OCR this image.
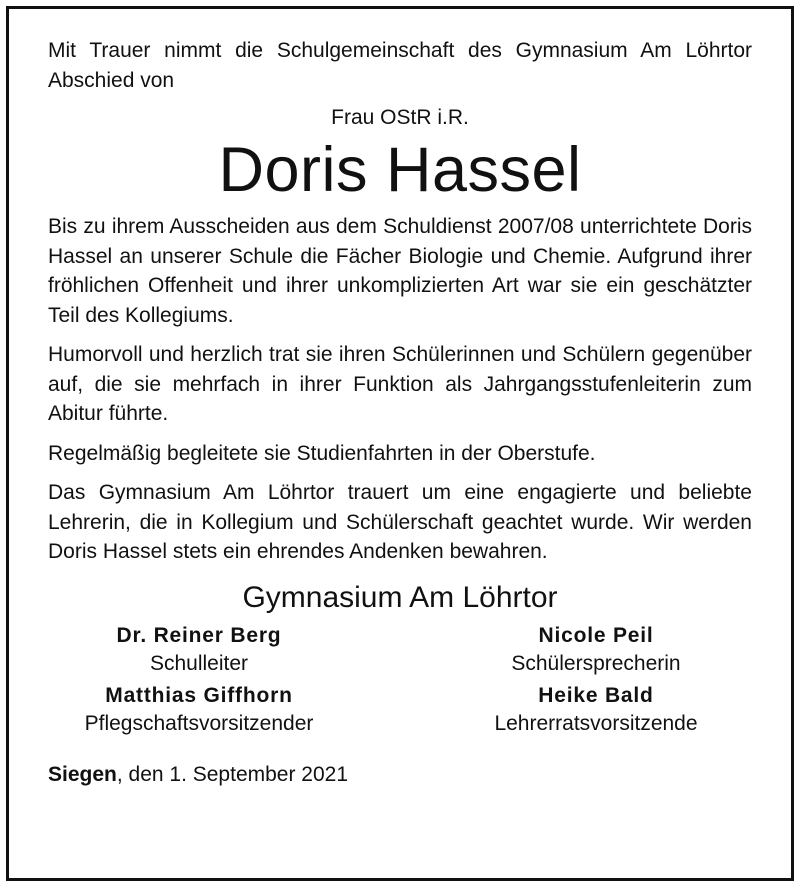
Mit Trauer nimmt die Schulgemeinschaft des Gymnasium Am Löhrtor Abschied von

Frau OStR i.R.
Doris Hassel

Bis zu ihrem Ausscheiden aus dem Schuldienst 2007/08 unterrichtete Doris Hassel an unserer Schule die Fächer Biologie und Chemie. Aufgrund ihrer fröhlichen Offenheit und ihrer unkomplizierten Art war sie ein geschätzter Teil des Kollegiums.

Humorvoll und herzlich trat sie ihren Schülerinnen und Schülern gegenüber auf, die sie mehrfach in ihrer Funktion als Jahrgangsstufenleiterin zum Abitur führte.

Regelmäßig begleitete sie Studienfahrten in der Oberstufe.

Das Gymnasium Am Löhrtor trauert um eine engagierte und beliebte Lehrerin, die in Kollegium und Schülerschaft geachtet wurde. Wir werden Doris Hassel stets ein ehrendes Andenken bewahren.

Gymnasium Am Löhrtor
Dr. Reiner Berg
Schulleiter
Nicole Peil
Schülersprecherin
Matthias Giffhorn
Pflegschaftsvorsitzender
Heike Bald
Lehrerratsvorsitzende
Siegen, den 1. September 2021
